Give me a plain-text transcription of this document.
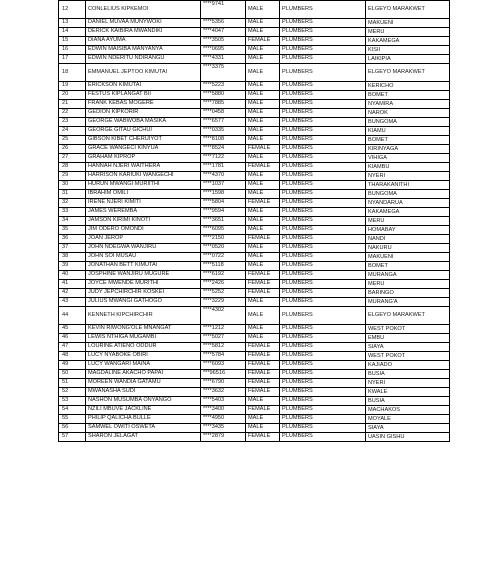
12	CONLELIUS KIPKEMOI	****9741	MALE	PLUMBERS	ELGEYO MARAKWET
13	DANIEL MUVAA MUNYWOKI	****5356	MALE	PLUMBERS	MAKUENI
14	DERICK KAIBIRA MWANDIKI	****4047	MALE	PLUMBERS	MERU
15	DIANA AYUMA	****3505	FEMALE	PLUMBERS	KAKAMEGA
16	EDWIN MAISIBA MANYANYA	****0695	MALE	PLUMBERS	KISII
17	EDWIN NDERITU NDIRANGU	****4331	MALE	PLUMBERS	LAIKIPIA
18	EMMANUEL JEPTOO KIMUTAI	****3375	MALE	PLUMBERS	ELGEYO MARAKWET
19	ERICKSON KIMUTAI	****5223	MALE	PLUMBERS	KERICHO
20	FESTUS KIPLANGAT BII	****5880	MALE	PLUMBERS	BOMET
21	FRANK KEBAS MOGERE	****7885	MALE	PLUMBERS	NYAMIRA
22	GEDION KIPKORIR	****0458	MALE	PLUMBERS	NAROK
23	GEORGE WABWOBA MASIKA	****6577	MALE	PLUMBERS	BUNGOMA
24	GEORGE GITAU GICHUI	****0335	MALE	PLUMBERS	KIAMU
25	GIBSON KIBET CHERUIYOT	****8108	MALE	PLUMBERS	BOMET
26	GRACE WANGECI KINYUA	****8524	FEMALE	PLUMBERS	KIRINYAGA
27	GRAHAM KIPROP	****7122	MALE	PLUMBERS	VIHIGA
28	HANNAH NJERI WAITHERA	****1781	FEMALE	PLUMBERS	KIAMBU
29	HARRISON KARIUKI WANGECHI	****4370	MALE	PLUMBERS	NYERI
30	HURUN MWANGI MURIITHI	****1037	MALE	PLUMBERS	THARAKANITHI
31	IBRAHIM OMILI	****1598	MALE	PLUMBERS	BUNGOMA
32	IRENE NJERI KIMITI	****5804	FEMALE	PLUMBERS	NYANDARUA
33	JAMES WEREMBA	****9594	MALE	PLUMBERS	KAKAMEGA
34	JAMSON KIRIMI KINOTI	****3651	MALE	PLUMBERS	MERU
35	JIM ODERO OMONDI	****6095	MALE	PLUMBERS	HOMABAY
36	JOAN JEROP	****2150	FEMALE	PLUMBERS	NANDI
37	JOHN NDEGWA WANJIRU	****0520	MALE	PLUMBERS	NAKURU
38	JOHN SOI MUSAU	****0722	MALE	PLUMBERS	MAKUENI
39	JONATHAN BETT KIMUTAI	****5118	MALE	PLUMBERS	BOMET
40	JOSPHINE WANJIRU MUGURE	****6192	FEMALE	PLUMBERS	MURANGA
41	JOYCE MWENDE MURITHI	****2426	FEMALE	PLUMBERS	MERU
42	JUDY JEPCHIRCHIR KOSKEI	****5252	FEMALE	PLUMBERS	BARINGO
43	JULIUS MWANGI GATHOGO	****3229	MALE	PLUMBERS	MURANG'A
44	KENNETH KIPCHIRCHIR	****4302	MALE	PLUMBERS	ELGEYO MARAKWET
45	KEVIN RIWONG'OLE MNANGAT	****1212	MALE	PLUMBERS	WEST POKOT
46	LEWIS NTHIGA MUGAMBI	****5027	MALE	PLUMBERS	EMBU
47	LOURINE ATIENO ODDUR	****5812	FEMALE	PLUMBERS	SIAYA
48	LUCY NYABOKE OBIRI	****5784	FEMALE	PLUMBERS	WEST POKOT
49	LUCY WANGARI MAINA	****6093	FEMALE	PLUMBERS	KAJIADO
50	MAGDALINE AKACHO PAPAI	***96516	FEMALE	PLUMBERS	BUSIA
51	MOREEN WANDIA GATAMU	****6790	FEMALE	PLUMBERS	NYERI
52	MWANASHA SUDI	****3632	FEMALE	PLUMBERS	KWALE
53	NASHON MUSUMBA ONYANGO	****5403	MALE	PLUMBERS	BUSIA
54	NZILI MBUVE JACKLINE	****3400	FEMALE	PLUMBERS	MACHAKOS
55	PHILIP QALICHA BULLE	****4950	MALE	PLUMBERS	MOYALE
56	SAMWEL OWITI OSWETA	****3435	MALE	PLUMBERS	SIAYA
57	SHARON JELAGAT	****2879	FEMALE	PLUMBERS	UASIN GISHU
